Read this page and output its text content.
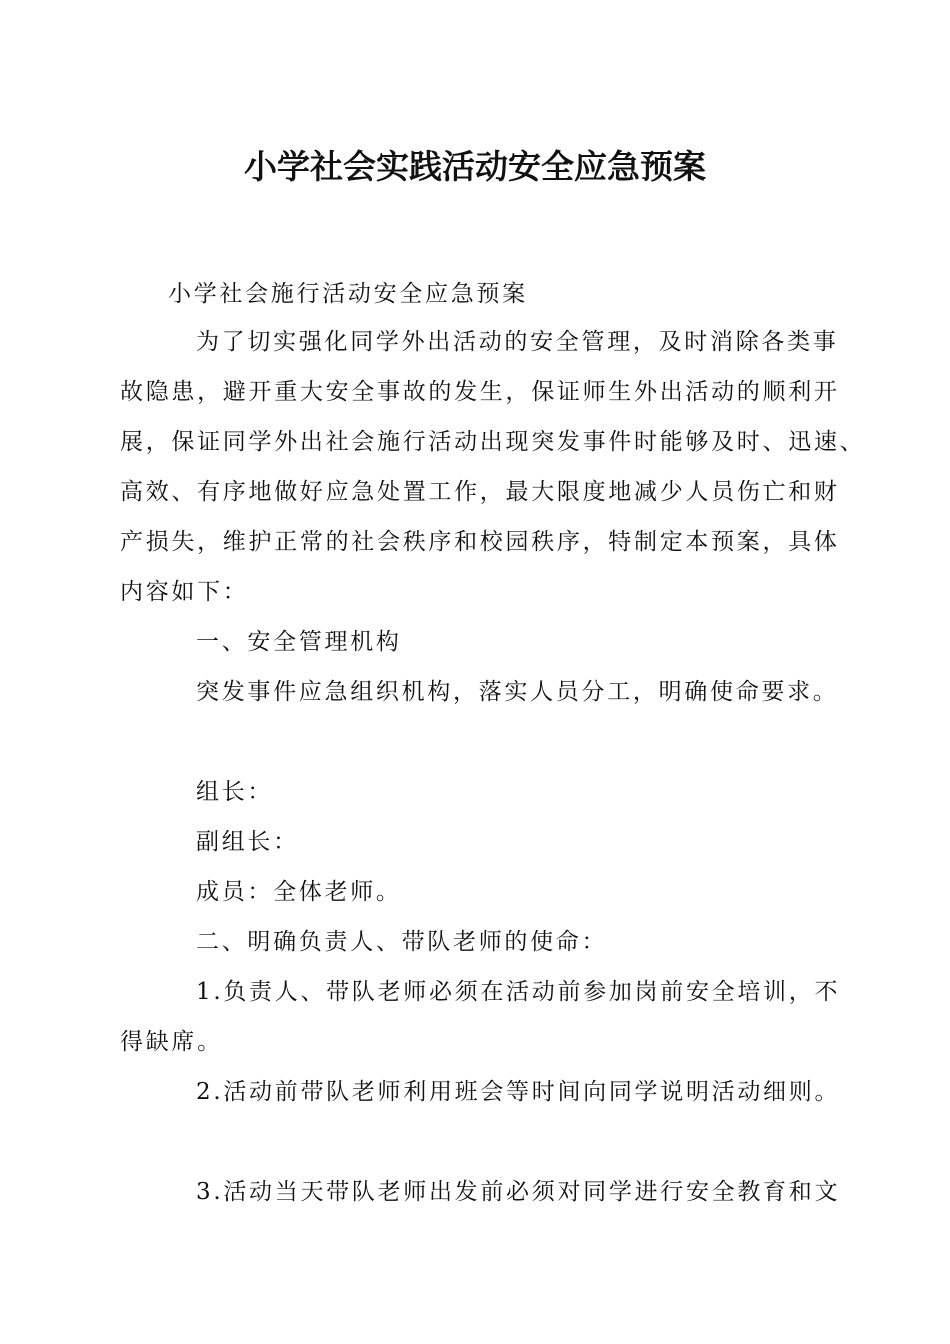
小学社会实践活动安全应急预案
小学社会施行活动安全应急预案
为了切实强化同学外出活动的安全管理，及时消除各类事
故隐患，避开重大安全事故的发生，保证师生外出活动的顺利开
展，保证同学外出社会施行活动出现突发事件时能够及时、迅速、
高效、有序地做好应急处置工作，最大限度地减少人员伤亡和财
产损失，维护正常的社会秩序和校园秩序，特制定本预案，具体
内容如下：
一、安全管理机构
突发事件应急组织机构，落实人员分工，明确使命要求。
组长：
副组长：
成员：全体老师。
二、明确负责人、带队老师的使命：
1.负责人、带队老师必须在活动前参加岗前安全培训，不
得缺席。
2.活动前带队老师利用班会等时间向同学说明活动细则。
3.活动当天带队老师出发前必须对同学进行安全教育和文
